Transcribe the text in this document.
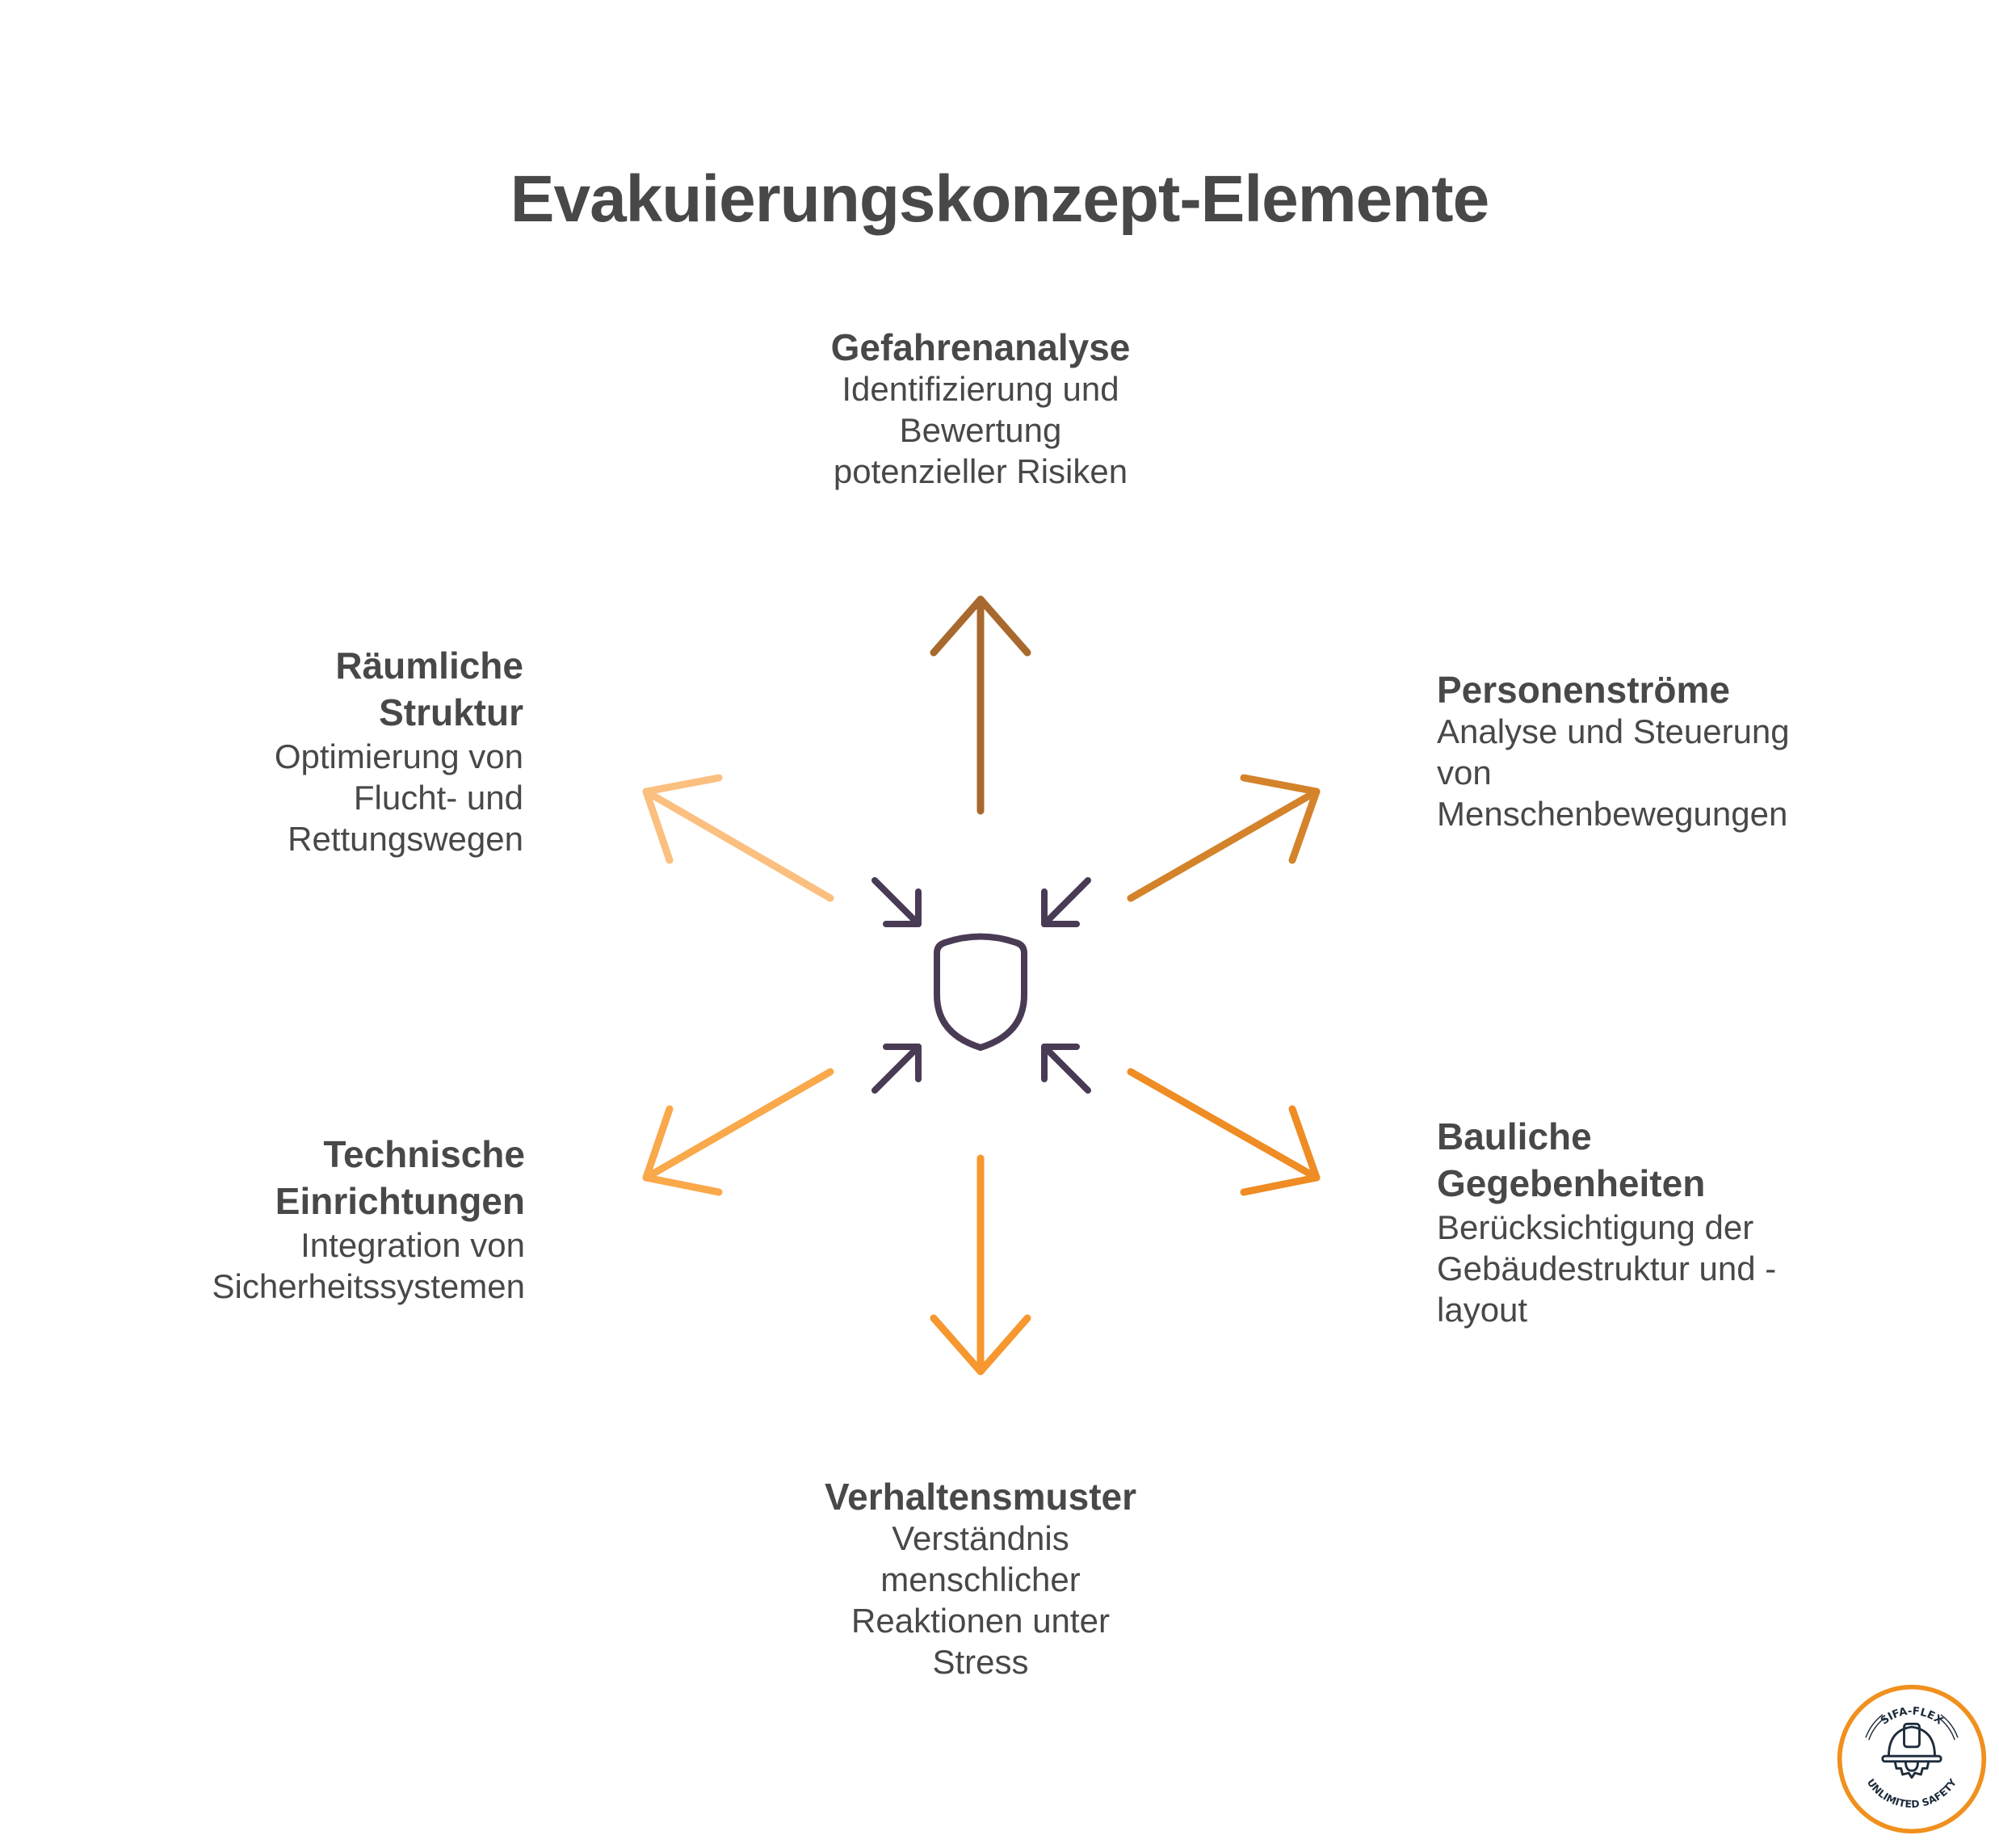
Evakuierungskonzept-Elemente
Gefahrenanalyse
Identifizierung und
Bewertung
potenzieller Risiken
Personenströme
Analyse und Steuerung
von
Menschenbewegungen
Bauliche
Gegebenheiten
Berücksichtigung der
Gebäudestruktur und -
layout
Verhaltensmuster
Verständnis
menschlicher
Reaktionen unter
Stress
Technische
Einrichtungen
Integration von
Sicherheitssystemen
Räumliche
Struktur
Optimierung von
Flucht- und
Rettungswegen
SIFA-FLEX
UNLIMITED SAFETY
